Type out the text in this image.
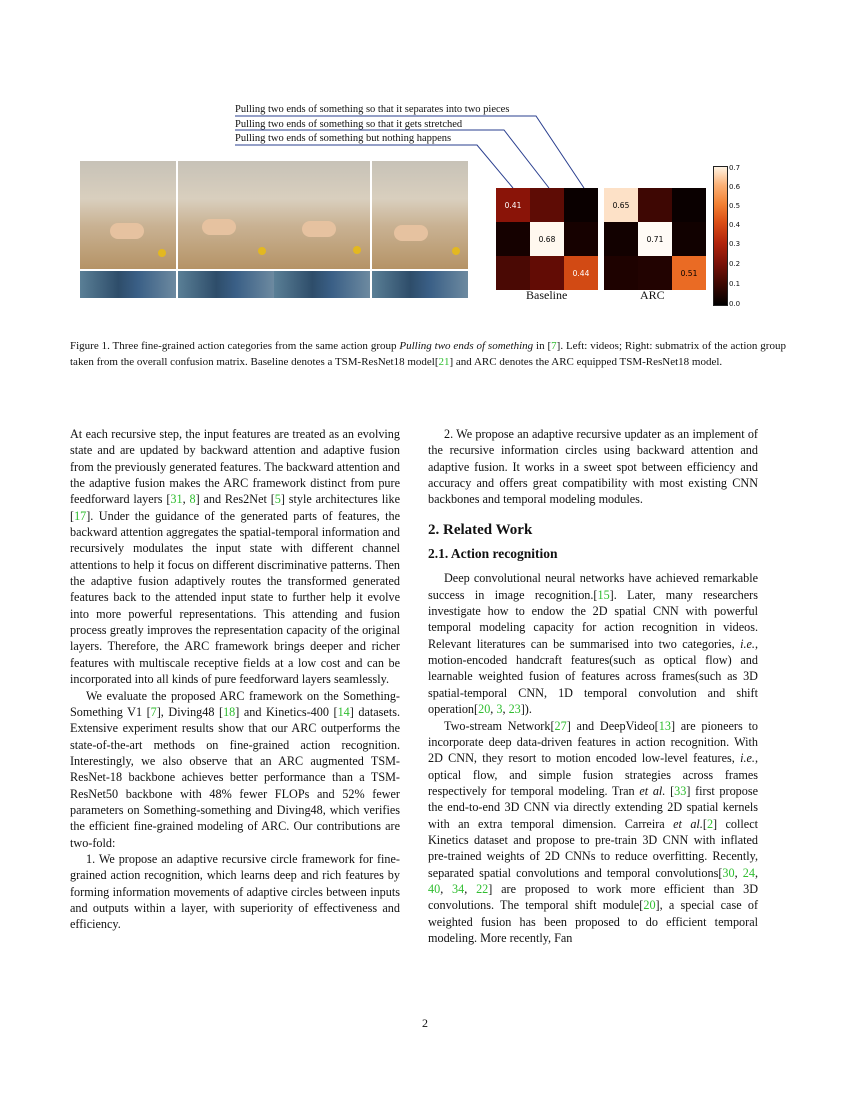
Pulling two ends of something so that it separates into two pieces
Pulling two ends of something so that it gets stretched
Pulling two ends of something but nothing happens
0.41
0.68
0.44
Baseline
0.65
0.71
0.51
ARC
0.7
0.6
0.5
0.4
0.3
0.2
0.1
0.0
Figure 1. Three fine-grained action categories from the same action group Pulling two ends of something in [7]. Left: videos; Right: submatrix of the action group taken from the overall confusion matrix. Baseline denotes a TSM-ResNet18 model[21] and ARC denotes the ARC equipped TSM-ResNet18 model.

At each recursive step, the input features are treated as an evolving state and are updated by backward attention and adaptive fusion from the previously generated features. The backward attention and the adaptive fusion makes the ARC framework distinct from pure feedforward layers [31, 8] and Res2Net [5] style architectures like [17]. Under the guidance of the generated parts of features, the backward attention aggregates the spatial-temporal information and recursively modulates the input state with different channel attentions to help it focus on different discriminative patterns. Then the adaptive fusion adaptively routes the transformed generated features back to the attended input state to further help it evolve into more powerful representations. This attending and fusion process greatly improves the representation capacity of the original layers. Therefore, the ARC framework brings deeper and richer features with multiscale receptive fields at a low cost and can be incorporated into all kinds of pure feedforward layers seamlessly.

We evaluate the proposed ARC framework on the Something-Something V1 [7], Diving48 [18] and Kinetics-400 [14] datasets. Extensive experiment results show that our ARC outperforms the state-of-the-art methods on fine-grained action recognition. Interestingly, we also observe that an ARC augmented TSM-ResNet-18 backbone achieves better performance than a TSM-ResNet50 backbone with 48% fewer FLOPs and 52% fewer parameters on Something-something and Diving48, which verifies the efficient fine-grained modeling of ARC. Our contributions are two-fold:

1. We propose an adaptive recursive circle framework for fine-grained action recognition, which learns deep and rich features by forming information movements of adaptive circles between inputs and outputs within a layer, with superiority of effectiveness and efficiency.

2. We propose an adaptive recursive updater as an implement of the recursive information circles using backward attention and adaptive fusion. It works in a sweet spot between efficiency and accuracy and offers great compatibility with most existing CNN backbones and temporal modeling modules.

2. Related Work
2.1. Action recognition

Deep convolutional neural networks have achieved remarkable success in image recognition.[15]. Later, many researchers investigate how to endow the 2D spatial CNN with powerful temporal modeling capacity for action recognition in videos. Relevant literatures can be summarised into two categories, i.e., motion-encoded handcraft features(such as optical flow) and learnable weighted fusion of features across frames(such as 3D spatial-temporal CNN, 1D temporal convolution and shift operation[20, 3, 23]).

Two-stream Network[27] and DeepVideo[13] are pioneers to incorporate deep data-driven features in action recognition. With 2D CNN, they resort to motion encoded low-level features, i.e., optical flow, and simple fusion strategies across frames respectively for temporal modeling. Tran et al. [33] first propose the end-to-end 3D CNN via directly extending 2D spatial kernels with an extra temporal dimension. Carreira et al.[2] collect Kinetics dataset and propose to pre-train 3D CNN with inflated pre-trained weights of 2D CNNs to reduce overfitting. Recently, separated spatial convolutions and temporal convolutions[30, 24, 40, 34, 22] are proposed to work more efficient than 3D convolutions. The temporal shift module[20], a special case of weighted fusion has been proposed to do efficient temporal modeling. More recently, Fan

2
